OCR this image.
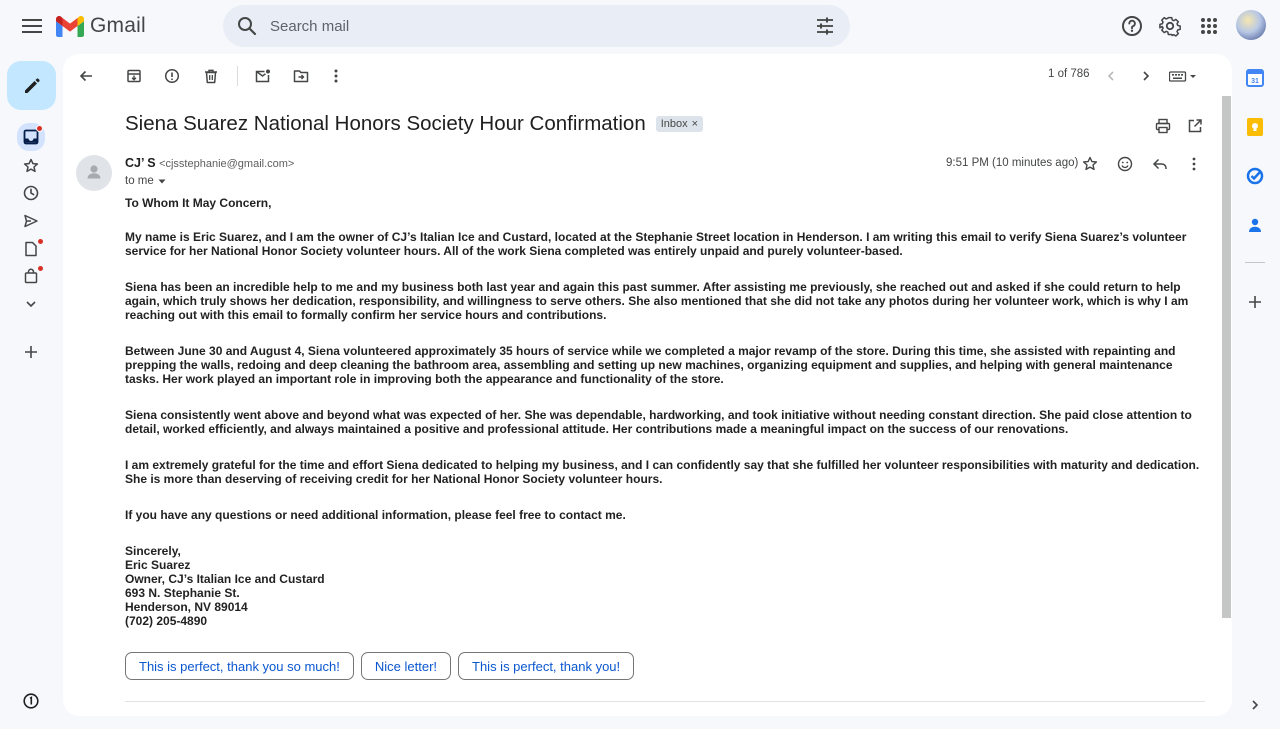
Gmail
Search mail
1 of 786
Siena Suarez National Honors Society Hour Confirmation Inbox ×
CJ’ S <cjsstephanie@gmail.com>
to me
9:51 PM (10 minutes ago)

To Whom It May Concern,

My name is Eric Suarez, and I am the owner of CJ’s Italian Ice and Custard, located at the Stephanie Street location in Henderson. I am writing this email to verify Siena Suarez’s volunteer service for her National Honor Society volunteer hours. All of the work Siena completed was entirely unpaid and purely volunteer-based.

Siena has been an incredible help to me and my business both last year and again this past summer. After assisting me previously, she reached out and asked if she could return to help again, which truly shows her dedication, responsibility, and willingness to serve others. She also mentioned that she did not take any photos during her volunteer work, which is why I am reaching out with this email to formally confirm her service hours and contributions.

Between June 30 and August 4, Siena volunteered approximately 35 hours of service while we completed a major revamp of the store. During this time, she assisted with repainting and prepping the walls, redoing and deep cleaning the bathroom area, assembling and setting up new machines, organizing equipment and supplies, and helping with general maintenance tasks. Her work played an important role in improving both the appearance and functionality of the store.

Siena consistently went above and beyond what was expected of her. She was dependable, hardworking, and took initiative without needing constant direction. She paid close attention to detail, worked efficiently, and always maintained a positive and professional attitude. Her contributions made a meaningful impact on the success of our renovations.

I am extremely grateful for the time and effort Siena dedicated to helping my business, and I can confidently say that she fulfilled her volunteer responsibilities with maturity and dedication. She is more than deserving of receiving credit for her National Honor Society volunteer hours.

If you have any questions or need additional information, please feel free to contact me.

Sincerely,
Eric Suarez
Owner, CJ’s Italian Ice and Custard
693 N. Stephanie St.
Henderson, NV 89014
(702) 205-4890
This is perfect, thank you so much!	Nice letter!	This is perfect, thank you!
31
